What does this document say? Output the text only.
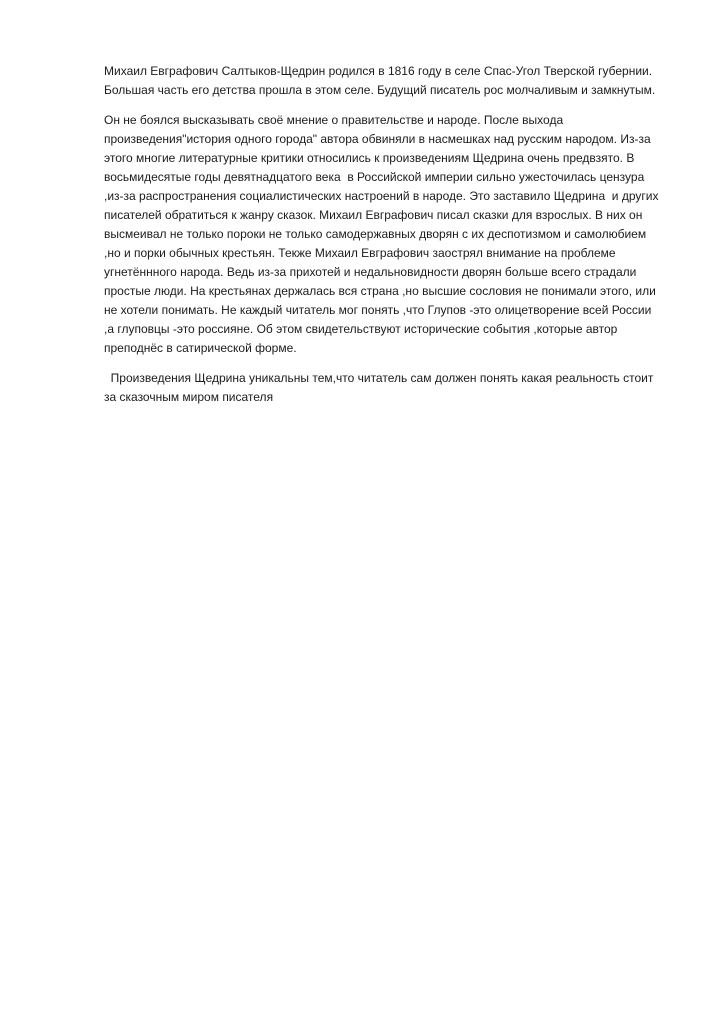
Михаил Евграфович Салтыков-Щедрин родился в 1816 году в селе Спас-Угол Тверской губернии. Большая часть его детства прошла в этом селе. Будущий писатель рос молчаливым и замкнутым.

Он не боялся высказывать своё мнение о правительстве и народе. После выхода произведения"история одного города" автора обвиняли в насмешках над русским народом. Из-за этого многие литературные критики относились к произведениям Щедрина очень предвзято. В восьмидесятые годы девятнадцатого века  в Российской империи сильно ужесточилась цензура ,из-за распространения социалистических настроений в народе. Это заставило Щедрина  и других писателей обратиться к жанру сказок. Михаил Евграфович писал сказки для взрослых. В них он высмеивал не только пороки не только самодержавных дворян с их деспотизмом и самолюбием ,но и порки обычных крестьян. Текже Михаил Евграфович заострял внимание на проблеме угнетённного народа. Ведь из-за прихотей и недальновидности дворян больше всего страдали простые люди. На крестьянах держалась вся страна ,но высшие сословия не понимали этого, или не хотели понимать. Не каждый читатель мог понять ,что Глупов -это олицетворение всей России ,а глуповцы -это россияне. Об этом свидетельствуют исторические события ,которые автор преподнёс в сатирической форме.

Произведения Щедрина уникальны тем,что читатель сам должен понять какая реальность стоит за сказочным миром писателя
